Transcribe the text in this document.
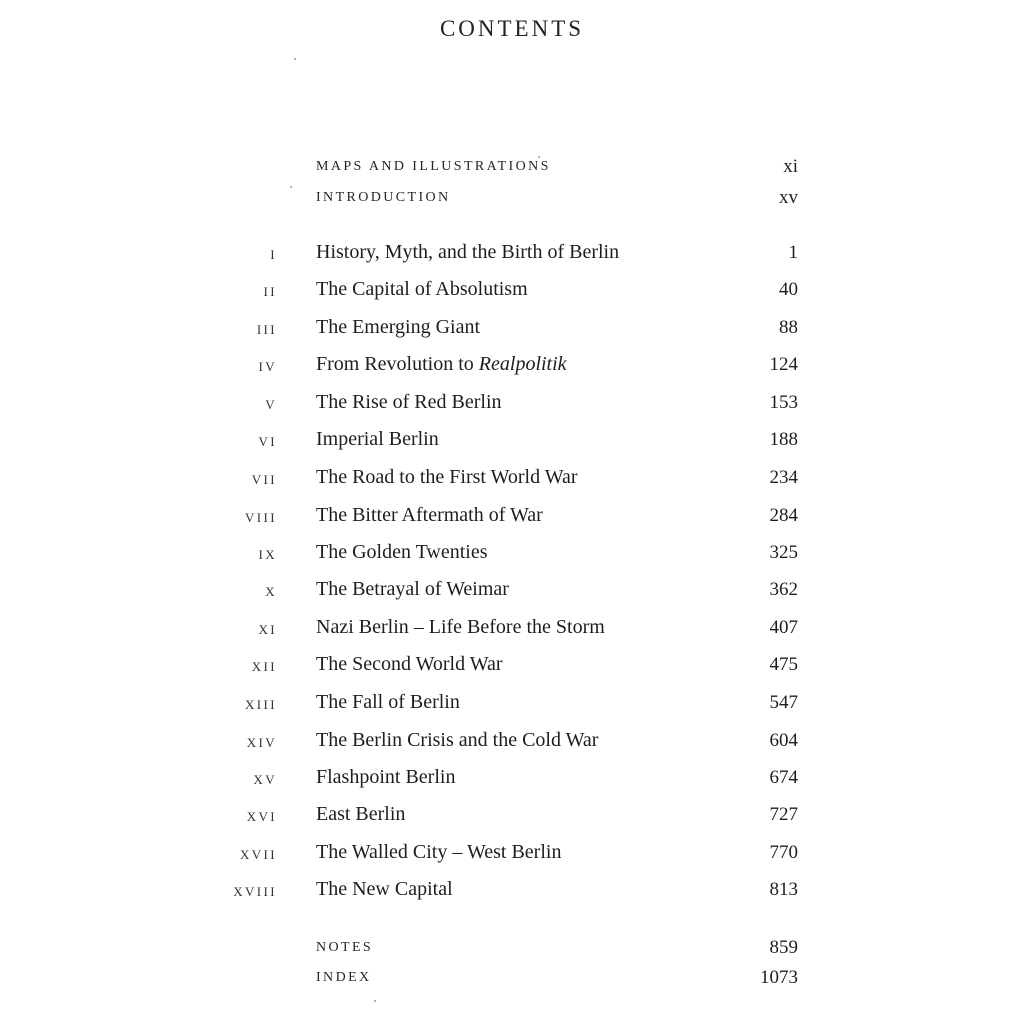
CONTENTS
MAPS AND ILLUSTRATIONS	xi
INTRODUCTION	xv
I History, Myth, and the Birth of Berlin	1
II The Capital of Absolutism	40
III The Emerging Giant	88
IV From Revolution to Realpolitik	124
V The Rise of Red Berlin	153
VI Imperial Berlin	188
VII The Road to the First World War	234
VIII The Bitter Aftermath of War	284
IX The Golden Twenties	325
X The Betrayal of Weimar	362
XI Nazi Berlin – Life Before the Storm	407
XII The Second World War	475
XIII The Fall of Berlin	547
XIV The Berlin Crisis and the Cold War	604
XV Flashpoint Berlin	674
XVI East Berlin	727
XVII The Walled City – West Berlin	770
XVIII The New Capital	813
NOTES	859
INDEX	1073
